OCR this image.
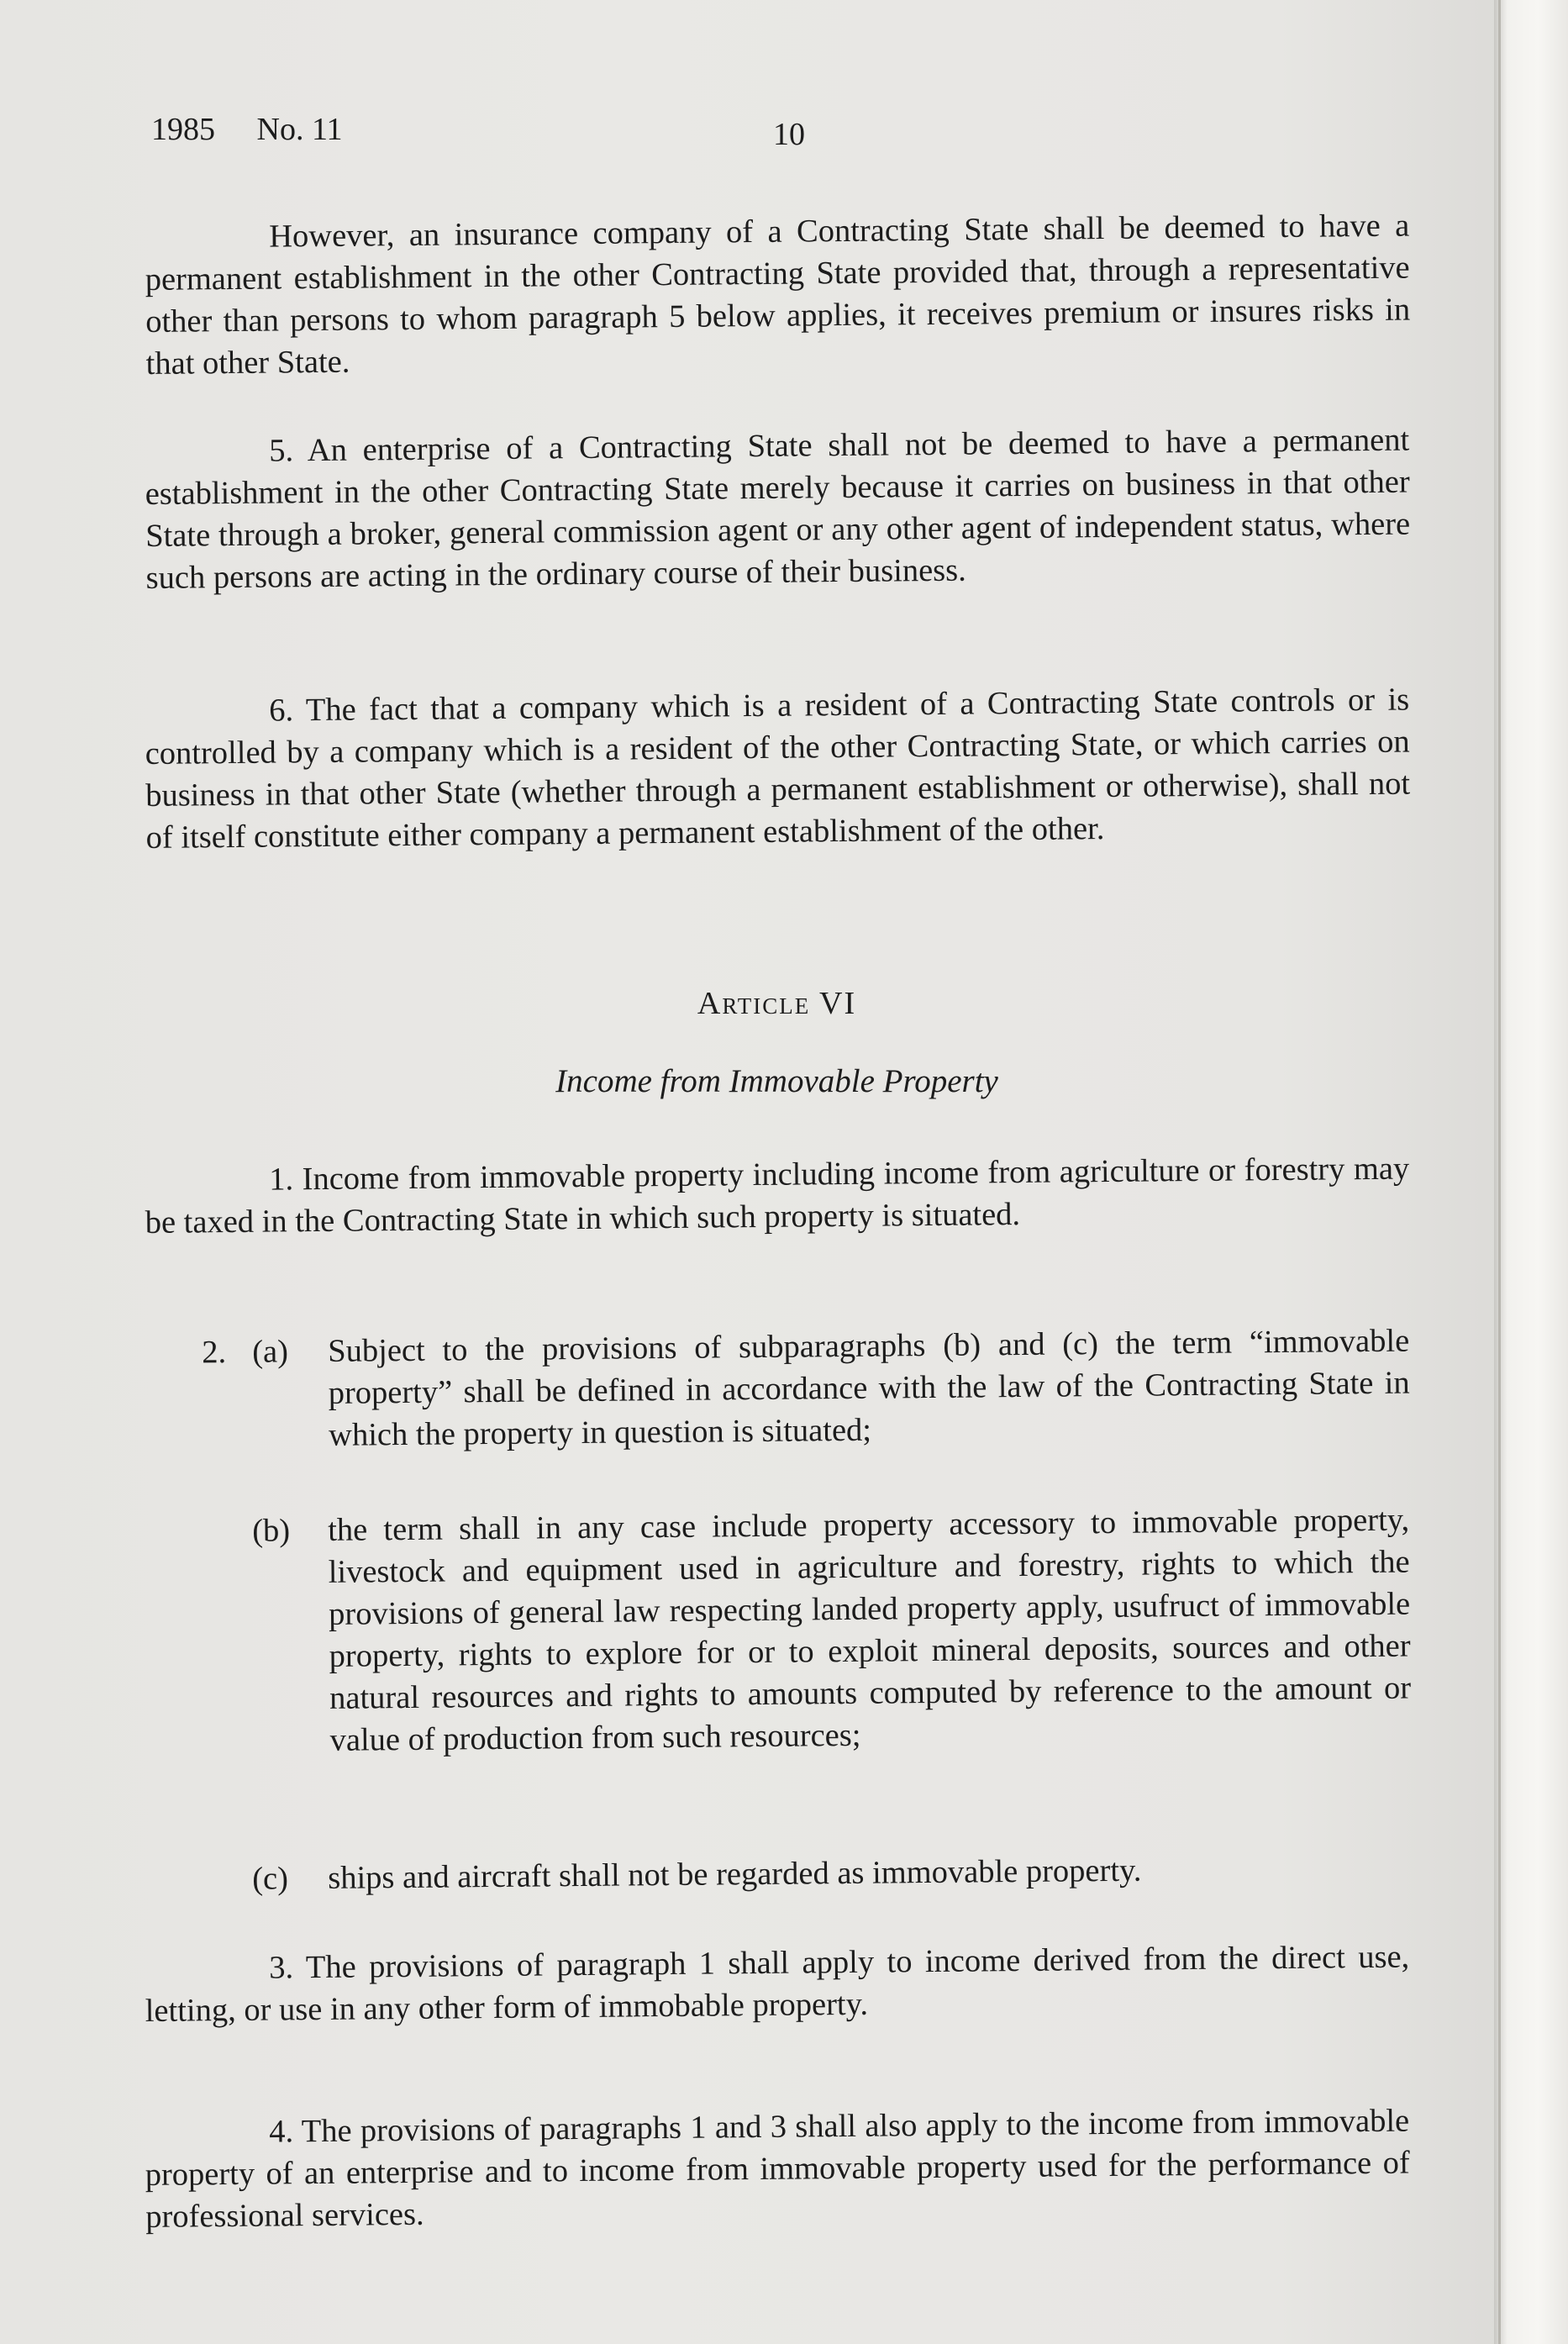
1985 No. 11	10

However, an insurance company of a Contracting State shall be deemed to have a permanent establishment in the other Contracting State provided that, through a representative other than persons to whom paragraph 5 below applies, it receives premium or insures risks in that other State.

5. An enterprise of a Contracting State shall not be deemed to have a permanent establishment in the other Contracting State merely because it carries on business in that other State through a broker, general commission agent or any other agent of independent status, where such persons are acting in the ordinary course of their business.

6. The fact that a company which is a resident of a Contracting State controls or is controlled by a company which is a resident of the other Contracting State, or which carries on business in that other State (whether through a permanent establishment or otherwise), shall not of itself constitute either company a permanent establishment of the other.

Article VI
Income from Immovable Property

1. Income from immovable property including income from agriculture or forestry may be taxed in the Contracting State in which such property is situated.

2. (a) Subject to the provisions of subparagraphs (b) and (c) the term “immovable property” shall be defined in accordance with the law of the Contracting State in which the property in question is situated;
(b) the term shall in any case include property accessory to immovable property, livestock and equipment used in agriculture and forestry, rights to which the provisions of general law respecting landed property apply, usufruct of immovable property, rights to explore for or to exploit mineral deposits, sources and other natural resources and rights to amounts computed by reference to the amount or value of production from such resources;
(c) ships and aircraft shall not be regarded as immovable property.

3. The provisions of paragraph 1 shall apply to income derived from the direct use, letting, or use in any other form of immobable property.

4. The provisions of paragraphs 1 and 3 shall also apply to the income from immovable property of an enterprise and to income from immovable property used for the performance of professional services.
